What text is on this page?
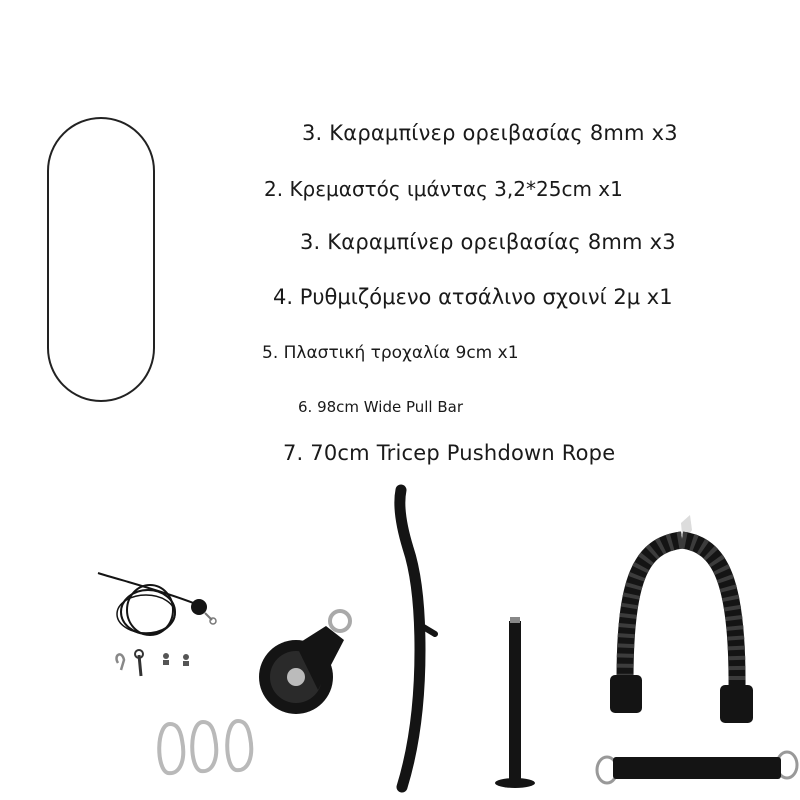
3. Καραμπίνερ ορειβασίας 8mm x3
2. Κρεμαστός ιμάντας 3,2*25cm x1
3. Καραμπίνερ ορειβασίας 8mm x3
4. Ρυθμιζόμενο ατσάλινο σχοινί 2μ x1
5. Πλαστική τροχαλία 9cm x1
6. 98cm Wide Pull Bar
7. 70cm Tricep Pushdown Rope
